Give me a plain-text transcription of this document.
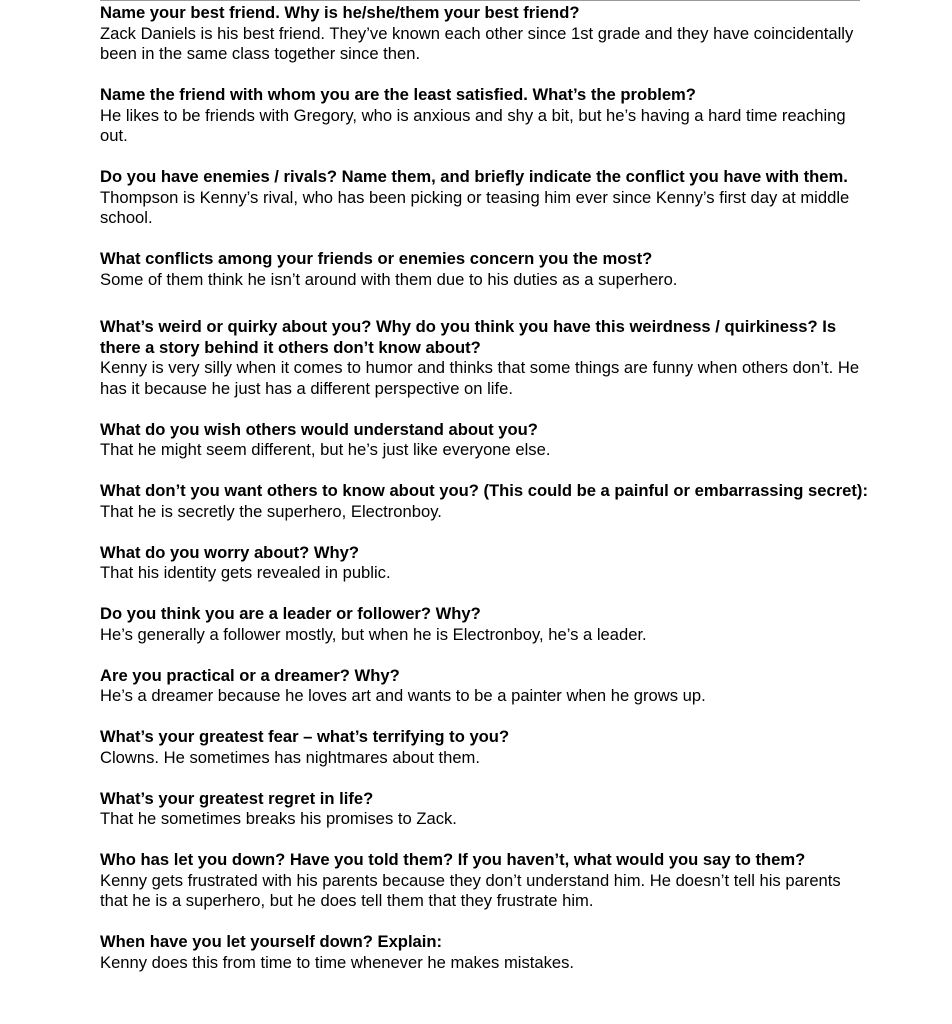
Name your best friend. Why is he/she/them your best friend?

Zack Daniels is his best friend. They’ve known each other since 1st grade and they have coincidentally been in the same class together since then.

Name the friend with whom you are the least satisfied. What’s the problem?

He likes to be friends with Gregory, who is anxious and shy a bit, but he’s having a hard time reaching out.

Do you have enemies / rivals? Name them, and briefly indicate the conflict you have with them.

Thompson is Kenny’s rival, who has been picking or teasing him ever since Kenny’s first day at middle school.

What conflicts among your friends or enemies concern you the most?

Some of them think he isn’t around with them due to his duties as a superhero.

What’s weird or quirky about you? Why do you think you have this weirdness / quirkiness? Is there a story behind it others don’t know about?

Kenny is very silly when it comes to humor and thinks that some things are funny when others don’t. He has it because he just has a different perspective on life.

What do you wish others would understand about you?

That he might seem different, but he’s just like everyone else.

What don’t you want others to know about you? (This could be a painful or embarrassing secret):

That he is secretly the superhero, Electronboy.

What do you worry about? Why?

That his identity gets revealed in public.

Do you think you are a leader or follower? Why?

He’s generally a follower mostly, but when he is Electronboy, he’s a leader.

Are you practical or a dreamer? Why?

He’s a dreamer because he loves art and wants to be a painter when he grows up.

What’s your greatest fear – what’s terrifying to you?

Clowns. He sometimes has nightmares about them.

What’s your greatest regret in life?

That he sometimes breaks his promises to Zack.

Who has let you down? Have you told them? If you haven’t, what would you say to them?

Kenny gets frustrated with his parents because they don’t understand him. He doesn’t tell his parents that he is a superhero, but he does tell them that they frustrate him.

When have you let yourself down? Explain:

Kenny does this from time to time whenever he makes mistakes.
